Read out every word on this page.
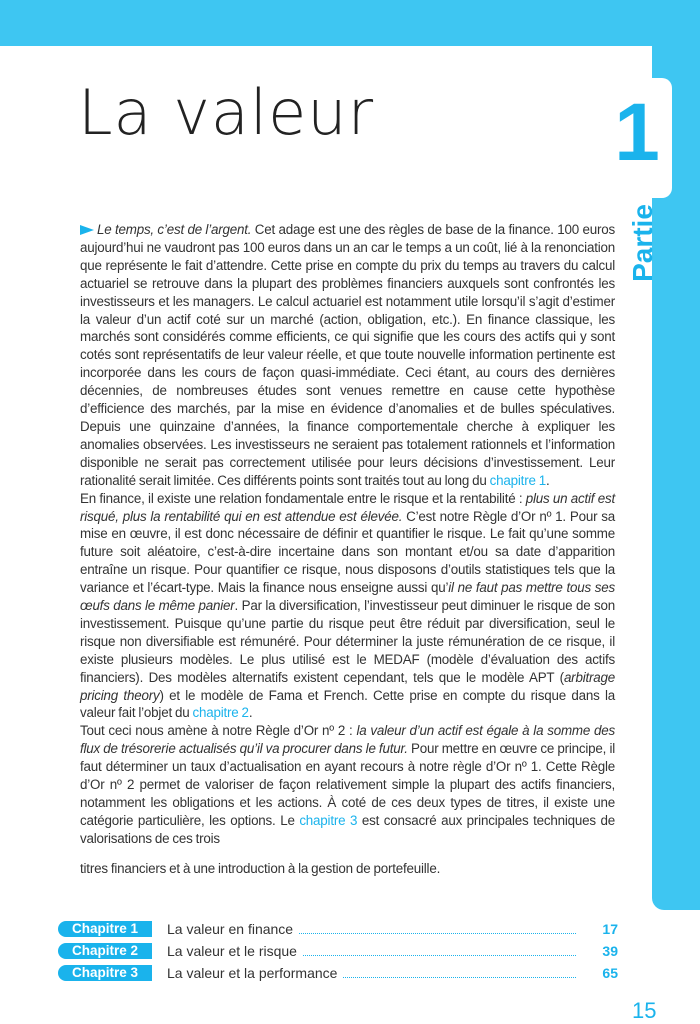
1
Partie
La valeur

Le temps, c’est de l’argent. Cet adage est une des règles de base de la finance. 100 euros aujourd’hui ne vaudront pas 100 euros dans un an car le temps a un coût, lié à la renonciation que représente le fait d’attendre. Cette prise en compte du prix du temps au travers du calcul actuariel se retrouve dans la plupart des problèmes financiers auxquels sont confrontés les investisseurs et les managers. Le calcul actuariel est notamment utile lorsqu’il s’agit d’estimer la valeur d’un actif coté sur un marché (action, obligation, etc.). En finance classique, les marchés sont considérés comme efficients, ce qui signifie que les cours des actifs qui y sont cotés sont représentatifs de leur valeur réelle, et que toute nouvelle information pertinente est incorporée dans les cours de façon quasi-immédiate. Ceci étant, au cours des dernières décennies, de nombreuses études sont venues remettre en cause cette hypothèse d’efficience des marchés, par la mise en évidence d’anomalies et de bulles spéculatives. Depuis une quinzaine d’années, la finance comportementale cherche à expliquer les anomalies observées. Les investisseurs ne seraient pas totalement rationnels et l’information disponible ne serait pas correctement utilisée pour leurs décisions d’investissement. Leur rationalité serait limitée. Ces différents points sont traités tout au long du chapitre 1.

En finance, il existe une relation fondamentale entre le risque et la rentabilité : plus un actif est risqué, plus la rentabilité qui en est attendue est élevée. C’est notre Règle d’Or nº 1. Pour sa mise en œuvre, il est donc nécessaire de définir et quantifier le risque. Le fait qu’une somme future soit aléatoire, c’est-à-dire incertaine dans son montant et/ou sa date d’apparition entraîne un risque. Pour quantifier ce risque, nous disposons d’outils statistiques tels que la variance et l’écart-type. Mais la finance nous enseigne aussi qu’il ne faut pas mettre tous ses œufs dans le même panier. Par la diversification, l’investisseur peut diminuer le risque de son investissement. Puisque qu’une partie du risque peut être réduit par diversification, seul le risque non diversifiable est rémunéré. Pour déterminer la juste rémunération de ce risque, il existe plusieurs modèles. Le plus utilisé est le MEDAF (modèle d’évaluation des actifs financiers). Des modèles alternatifs existent cependant, tels que le modèle APT (arbitrage pricing theory) et le modèle de Fama et French. Cette prise en compte du risque dans la valeur fait l’objet du chapitre 2.

Tout ceci nous amène à notre Règle d’Or nº 2 : la valeur d’un actif est égale à la somme des flux de trésorerie actualisés qu’il va procurer dans le futur. Pour mettre en œuvre ce principe, il faut déterminer un taux d’actualisation en ayant recours à notre règle d’Or nº 1. Cette Règle d’Or nº 2 permet de valoriser de façon relativement simple la plupart des actifs financiers, notamment les obligations et les actions. À coté de ces deux types de titres, il existe une catégorie particulière, les options. Le chapitre 3 est consacré aux principales techniques de valorisations de ces trois

titres financiers et à une introduction à la gestion de portefeuille.

Chapitre 1	La valeur en finance	17
Chapitre 2	La valeur et le risque	39
Chapitre 3	La valeur et la performance	65
15
